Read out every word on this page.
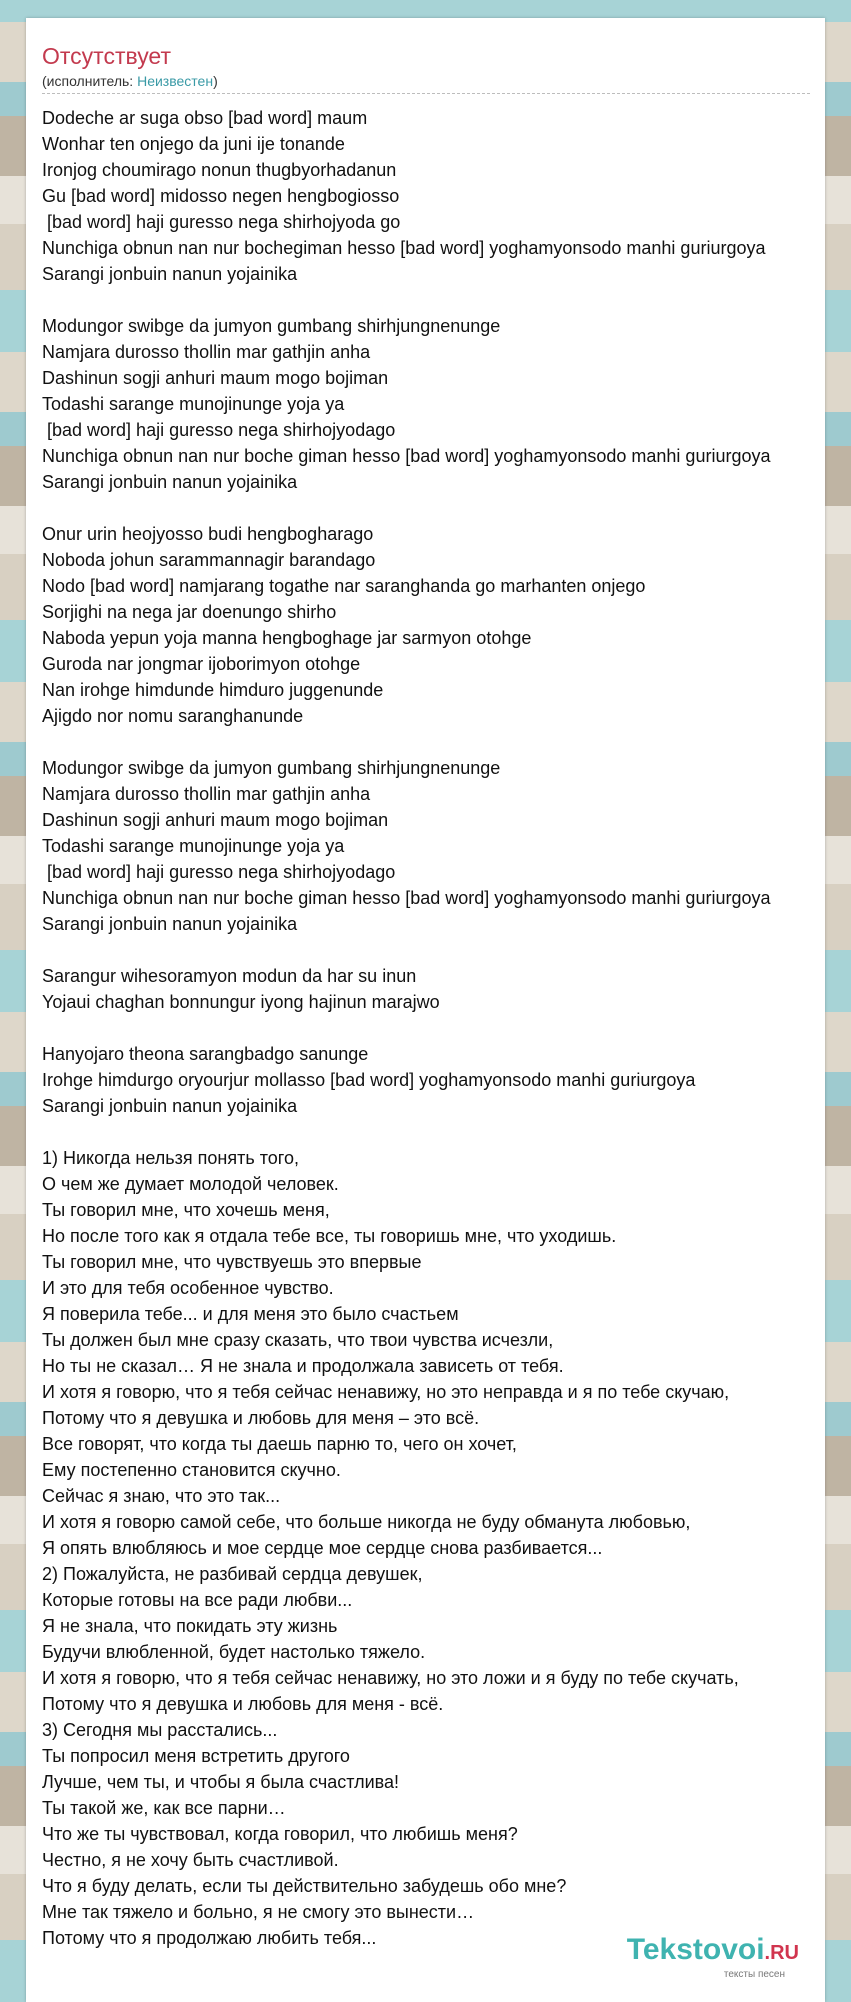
Отсутствует
(исполнитель: Неизвестен)
Dodeche ar suga obso [bad word] maum
Wonhar ten onjego da juni ije tonande
Ironjog choumirago nonun thugbyorhadanun
Gu [bad word] midosso negen hengbogiosso
[bad word] haji guresso nega shirhojyoda go
Nunchiga obnun nan nur bochegiman hesso [bad word] yoghamyonsodo manhi guriurgoya
Sarangi jonbuin nanun yojainika
Modungor swibge da jumyon gumbang shirhjungnenunge
Namjara durosso thollin mar gathjin anha
Dashinun sogji anhuri maum mogo bojiman
Todashi sarange munojinunge yoja ya
[bad word] haji guresso nega shirhojyodago
Nunchiga obnun nan nur boche giman hesso [bad word] yoghamyonsodo manhi guriurgoya
Sarangi jonbuin nanun yojainika
Onur urin heojyosso budi hengbogharago
Noboda johun sarammannagir barandago
Nodo [bad word] namjarang togathe nar saranghanda go marhanten onjego
Sorjighi na nega jar doenungo shirho
Naboda yepun yoja manna hengboghage jar sarmyon otohge
Guroda nar jongmar ijoborimyon otohge
Nan irohge himdunde himduro juggenunde
Ajigdo nor nomu saranghanunde
Modungor swibge da jumyon gumbang shirhjungnenunge
Namjara durosso thollin mar gathjin anha
Dashinun sogji anhuri maum mogo bojiman
Todashi sarange munojinunge yoja ya
[bad word] haji guresso nega shirhojyodago
Nunchiga obnun nan nur boche giman hesso [bad word] yoghamyonsodo manhi guriurgoya
Sarangi jonbuin nanun yojainika
Sarangur wihesoramyon modun da har su inun
Yojaui chaghan bonnungur iyong hajinun marajwo
Hanyojaro theona sarangbadgo sanunge
Irohge himdurgo oryourjur mollasso [bad word] yoghamyonsodo manhi guriurgoya
Sarangi jonbuin nanun yojainika
1) Никогда нельзя понять того,
О чем же думает молодой человек.
Ты говорил мне, что хочешь меня,
Но после того как я отдала тебе все, ты говоришь мне, что уходишь.
Ты говорил мне, что чувствуешь это впервые
И это для тебя особенное чувство.
Я поверила тебе... и для меня это было счастьем
Ты должен был мне сразу сказать, что твои чувства исчезли,
Но ты не сказал… Я не знала и продолжала зависеть от тебя.
И хотя я говорю, что я тебя сейчас ненавижу, но это неправда и я по тебе скучаю,
Потому что я девушка и любовь для меня – это всё.
Все говорят, что когда ты даешь парню то, чего он хочет,
Ему постепенно становится скучно.
Сейчас я знаю, что это так...
И хотя я говорю самой себе, что больше никогда не буду обманута любовью,
Я опять влюбляюсь и мое сердце мое сердце снова разбивается...
2) Пожалуйста, не разбивай сердца девушек,
Которые готовы на все ради любви...
Я не знала, что покидать эту жизнь
Будучи влюбленной, будет настолько тяжело.
И хотя я говорю, что я тебя сейчас ненавижу, но это ложи и я буду по тебе скучать,
Потому что я девушка и любовь для меня - всё.
3) Сегодня мы расстались...
Ты попросил меня встретить другого
Лучше, чем ты, и чтобы я была счастлива!
Ты такой же, как все парни…
Что же ты чувствовал, когда говорил, что любишь меня?
Честно, я не хочу быть счастливой.
Что я буду делать, если ты действительно забудешь обо мне?
Мне так тяжело и больно, я не смогу это вынести…
Потому что я продолжаю любить тебя...	Tekstovoi.RU
тексты песен
